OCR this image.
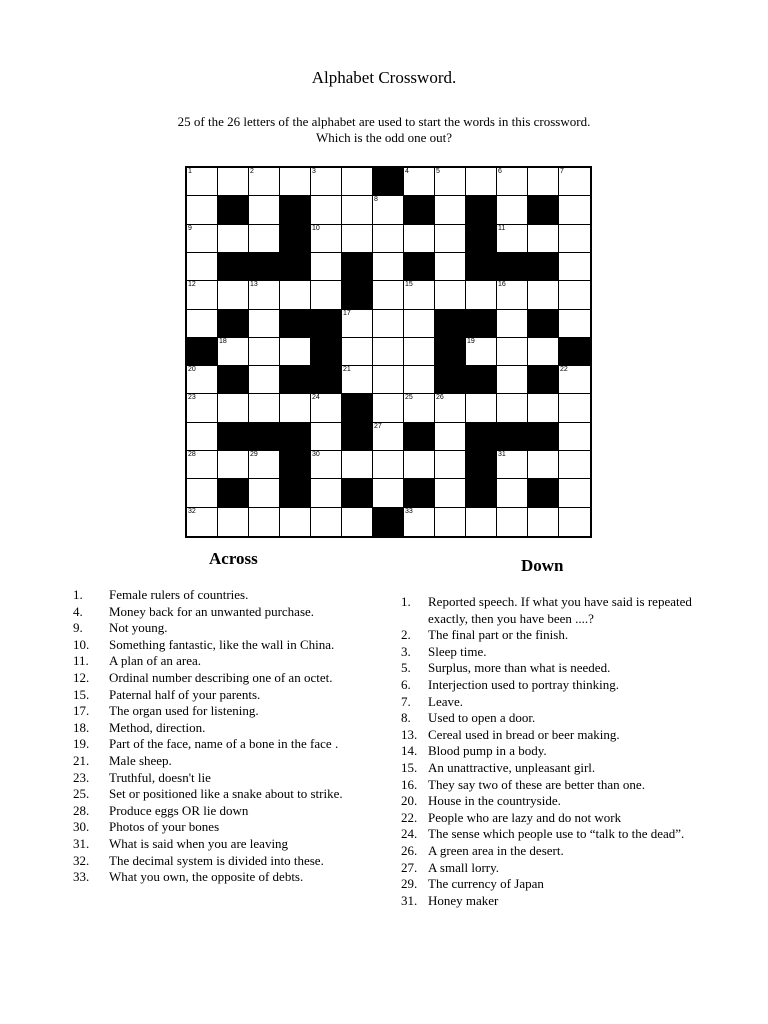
Alphabet Crossword.
25 of the 26 letters of the alphabet are used to start the words in this crossword.
Which is the odd one out?
1	2	3	4	5	6	7
8
9	10	11
12	13	14	15	16
17
18	19
20	21	22
23	24	25	26
27
28	29	30	31
32	33
Across	Down
1.	Female rulers of countries.
4.	Money back for an unwanted purchase.
9.	Not young.
10.	Something fantastic, like the wall in China.
11.	A plan of an area.
12.	Ordinal number describing one of an octet.
15.	Paternal half of your parents.
17.	The organ used for listening.
18.	Method, direction.
19.	Part of the face, name of a bone in the face .
21.	Male sheep.
23.	Truthful, doesn't lie
25.	Set or positioned like a snake about to strike.
28.	Produce eggs OR lie down
30.	Photos of your bones
31.	What is said when you are leaving
32.	The decimal system is divided into these.
33.	What you own, the opposite of debts.
1.	Reported speech. If what you have said is repeated exactly, then you have been ....?
2.	The final part or the finish.
3.	Sleep time.
5.	Surplus, more than what is needed.
6.	Interjection used to portray thinking.
7.	Leave.
8.	Used to open a door.
13. Cereal used in bread or beer making.
14. Blood pump in a body.
15. An unattractive, unpleasant girl.
16. They say two of these are better than one.
20. House in the countryside.
22. People who are lazy and do not work
24. The sense which people use to “talk to the dead”.
26. A green area in the desert.
27. A small lorry.
29. The currency of Japan
31. Honey maker
